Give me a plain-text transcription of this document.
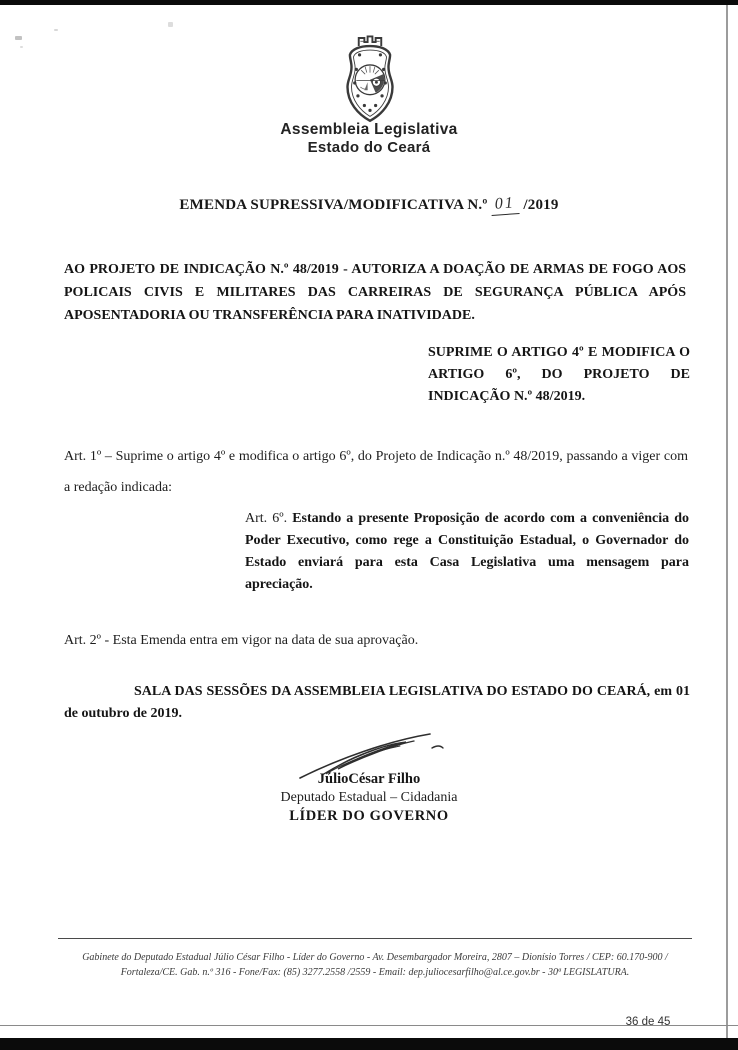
Assembleia Legislativa
Estado do Ceará
EMENDA SUPRESSIVA/MODIFICATIVA N.º 01 /2019
AO PROJETO DE INDICAÇÃO N.º 48/2019 - AUTORIZA A DOAÇÃO DE ARMAS DE FOGO AOS POLICAIS CIVIS E MILITARES DAS CARREIRAS DE SEGURANÇA PÚBLICA APÓS APOSENTADORIA OU TRANSFERÊNCIA PARA INATIVIDADE.
SUPRIME O ARTIGO 4º E MODIFICA O ARTIGO 6º, DO PROJETO DE INDICAÇÃO N.º 48/2019.
Art. 1º – Suprime o artigo 4º e modifica o artigo 6º, do Projeto de Indicação n.º 48/2019, passando a viger com a redação indicada:
Art. 6º. Estando a presente Proposição de acordo com a conveniência do Poder Executivo, como rege a Constituição Estadual, o Governador do Estado enviará para esta Casa Legislativa uma mensagem para apreciação.
Art. 2º - Esta Emenda entra em vigor na data de sua aprovação.
SALA DAS SESSÕES DA ASSEMBLEIA LEGISLATIVA DO ESTADO DO CEARÁ, em 01 de outubro de 2019.
JúlioCésar Filho
Deputado Estadual – Cidadania
LÍDER DO GOVERNO
Gabinete do Deputado Estadual Júlio César Filho - Líder do Governo - Av. Desembargador Moreira, 2807 – Dionísio Torres / CEP: 60.170-900 /
Fortaleza/CE. Gab. n.º 316 - Fone/Fax: (85) 3277.2558 /2559 - Email: dep.juliocesarfilho@al.ce.gov.br - 30ª LEGISLATURA.
36 de 45
